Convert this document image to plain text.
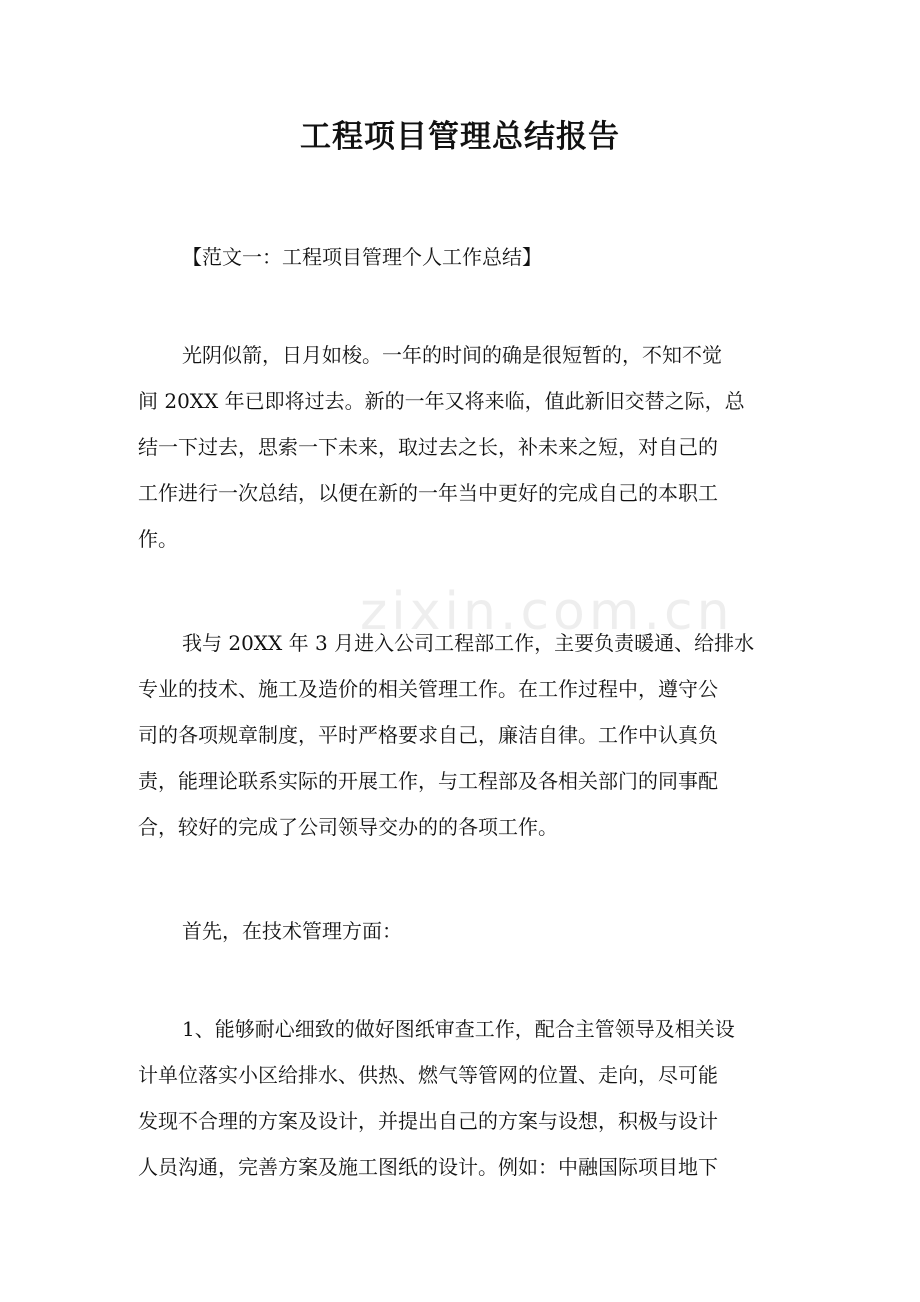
zixin.com.cn
工程项目管理总结报告

【范文一：工程项目管理个人工作总结】

光阴似箭，日月如梭。一年的时间的确是很短暂的，不知不觉
间 20XX 年已即将过去。新的一年又将来临，值此新旧交替之际，总
结一下过去，思索一下未来，取过去之长，补未来之短，对自己的
工作进行一次总结，以便在新的一年当中更好的完成自己的本职工
作。

我与 20XX 年 3 月进入公司工程部工作，主要负责暖通、给排水
专业的技术、施工及造价的相关管理工作。在工作过程中，遵守公
司的各项规章制度，平时严格要求自己，廉洁自律。工作中认真负
责，能理论联系实际的开展工作，与工程部及各相关部门的同事配
合，较好的完成了公司领导交办的的各项工作。

首先，在技术管理方面：

1、能够耐心细致的做好图纸审查工作，配合主管领导及相关设
计单位落实小区给排水、供热、燃气等管网的位置、走向，尽可能
发现不合理的方案及设计，并提出自己的方案与设想，积极与设计
人员沟通，完善方案及施工图纸的设计。例如：中融国际项目地下
